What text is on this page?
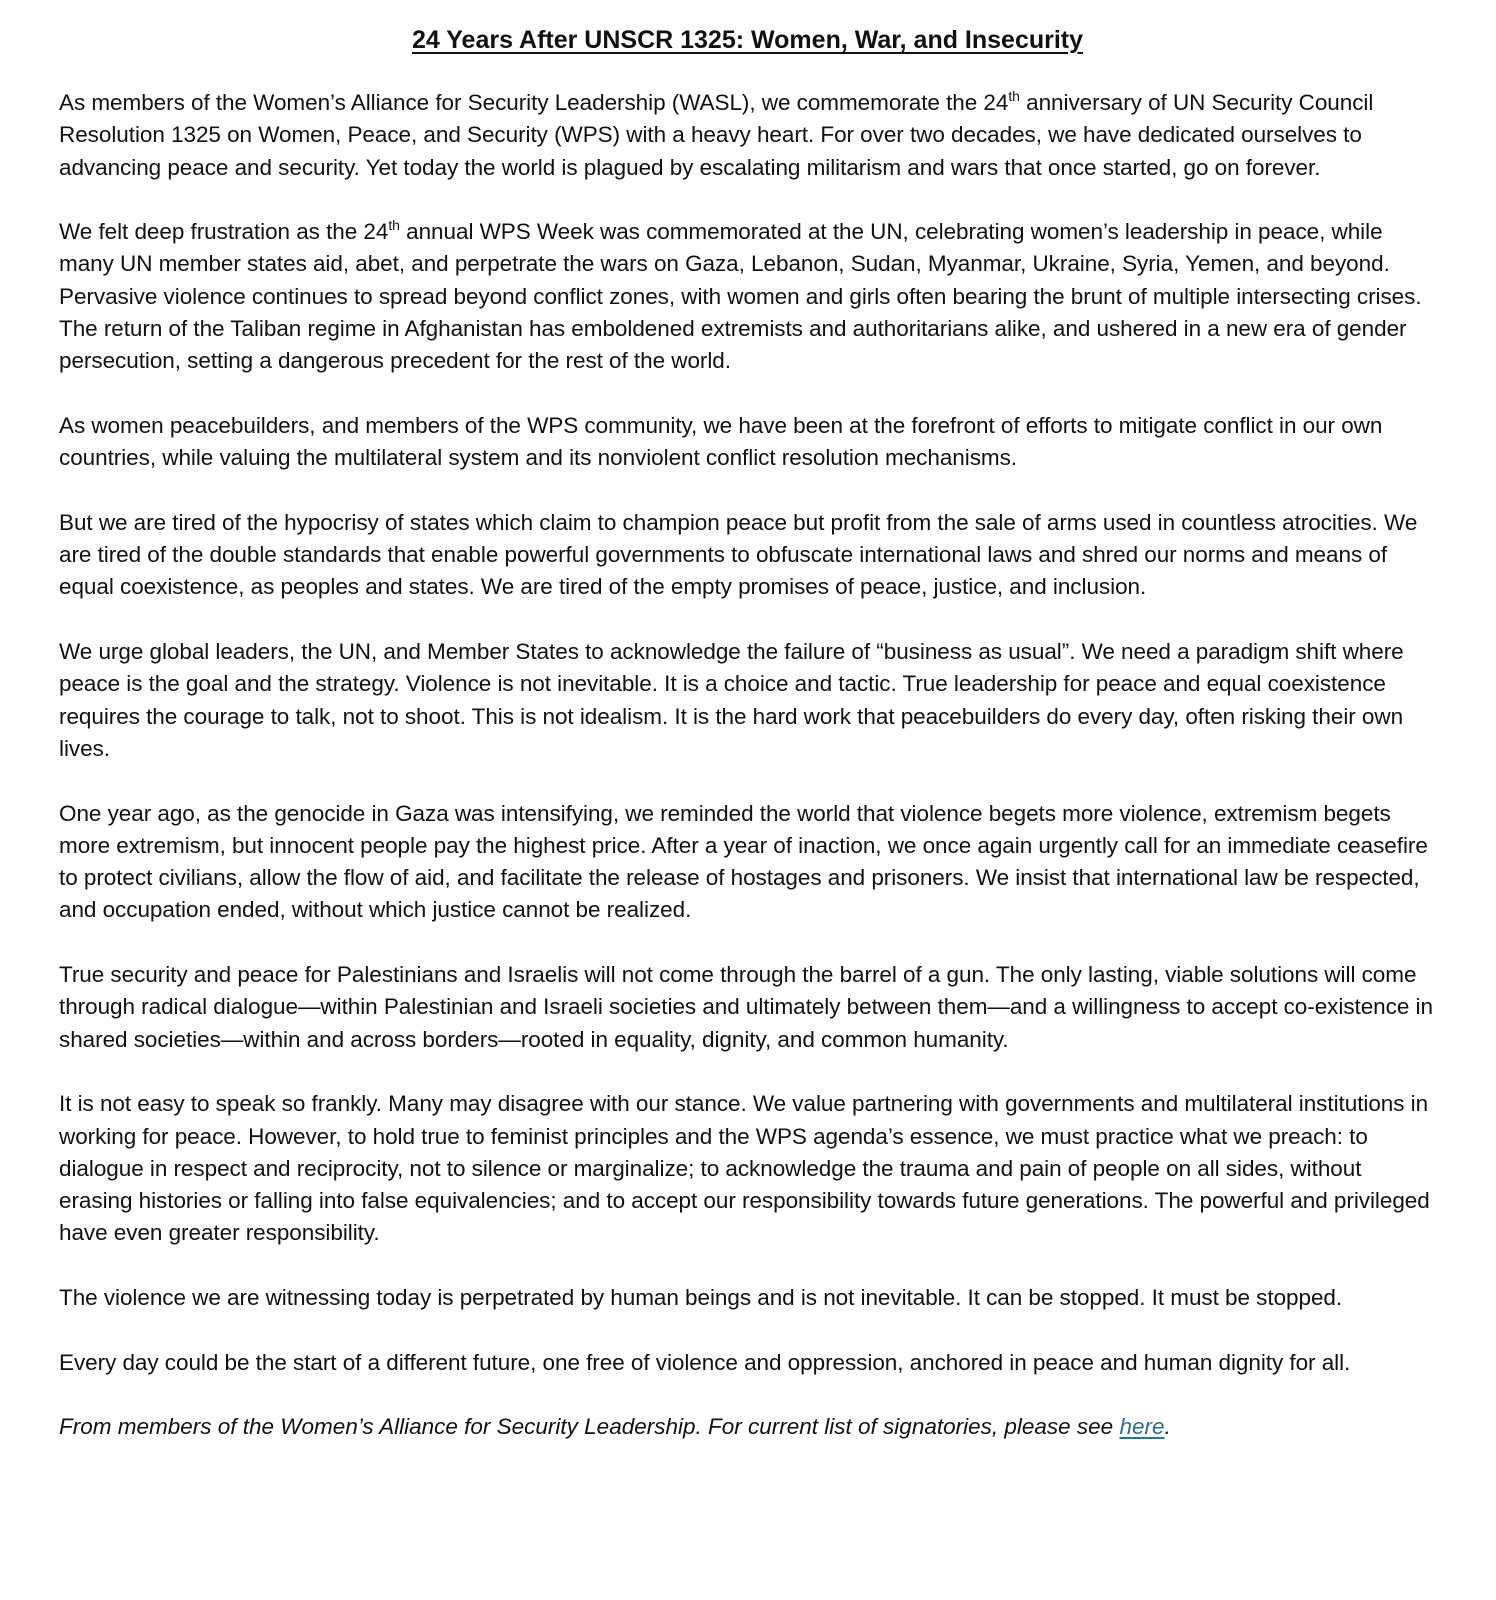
24 Years After UNSCR 1325: Women, War, and Insecurity

As members of the Women’s Alliance for Security Leadership (WASL), we commemorate the 24th anniversary of UN Security Council Resolution 1325 on Women, Peace, and Security (WPS) with a heavy heart. For over two decades, we have dedicated ourselves to advancing peace and security. Yet today the world is plagued by escalating militarism and wars that once started, go on forever.

We felt deep frustration as the 24th annual WPS Week was commemorated at the UN, celebrating women’s leadership in peace, while many UN member states aid, abet, and perpetrate the wars on Gaza, Lebanon, Sudan, Myanmar, Ukraine, Syria, Yemen, and beyond. Pervasive violence continues to spread beyond conflict zones, with women and girls often bearing the brunt of multiple intersecting crises. The return of the Taliban regime in Afghanistan has emboldened extremists and authoritarians alike, and ushered in a new era of gender persecution, setting a dangerous precedent for the rest of the world.

As women peacebuilders, and members of the WPS community, we have been at the forefront of efforts to mitigate conflict in our own countries, while valuing the multilateral system and its nonviolent conflict resolution mechanisms.

But we are tired of the hypocrisy of states which claim to champion peace but profit from the sale of arms used in countless atrocities. We are tired of the double standards that enable powerful governments to obfuscate international laws and shred our norms and means of equal coexistence, as peoples and states. We are tired of the empty promises of peace, justice, and inclusion.

We urge global leaders, the UN, and Member States to acknowledge the failure of “business as usual”. We need a paradigm shift where peace is the goal and the strategy. Violence is not inevitable. It is a choice and tactic. True leadership for peace and equal coexistence requires the courage to talk, not to shoot. This is not idealism. It is the hard work that peacebuilders do every day, often risking their own lives.

One year ago, as the genocide in Gaza was intensifying, we reminded the world that violence begets more violence, extremism begets more extremism, but innocent people pay the highest price. After a year of inaction, we once again urgently call for an immediate ceasefire to protect civilians, allow the flow of aid, and facilitate the release of hostages and prisoners. We insist that international law be respected, and occupation ended, without which justice cannot be realized.

True security and peace for Palestinians and Israelis will not come through the barrel of a gun. The only lasting, viable solutions will come through radical dialogue—within Palestinian and Israeli societies and ultimately between them—and a willingness to accept co-existence in shared societies—within and across borders—rooted in equality, dignity, and common humanity.

It is not easy to speak so frankly. Many may disagree with our stance. We value partnering with governments and multilateral institutions in working for peace. However, to hold true to feminist principles and the WPS agenda’s essence, we must practice what we preach: to dialogue in respect and reciprocity, not to silence or marginalize; to acknowledge the trauma and pain of people on all sides, without erasing histories or falling into false equivalencies; and to accept our responsibility towards future generations. The powerful and privileged have even greater responsibility.

The violence we are witnessing today is perpetrated by human beings and is not inevitable. It can be stopped. It must be stopped.

Every day could be the start of a different future, one free of violence and oppression, anchored in peace and human dignity for all.

From members of the Women’s Alliance for Security Leadership. For current list of signatories, please see here.
